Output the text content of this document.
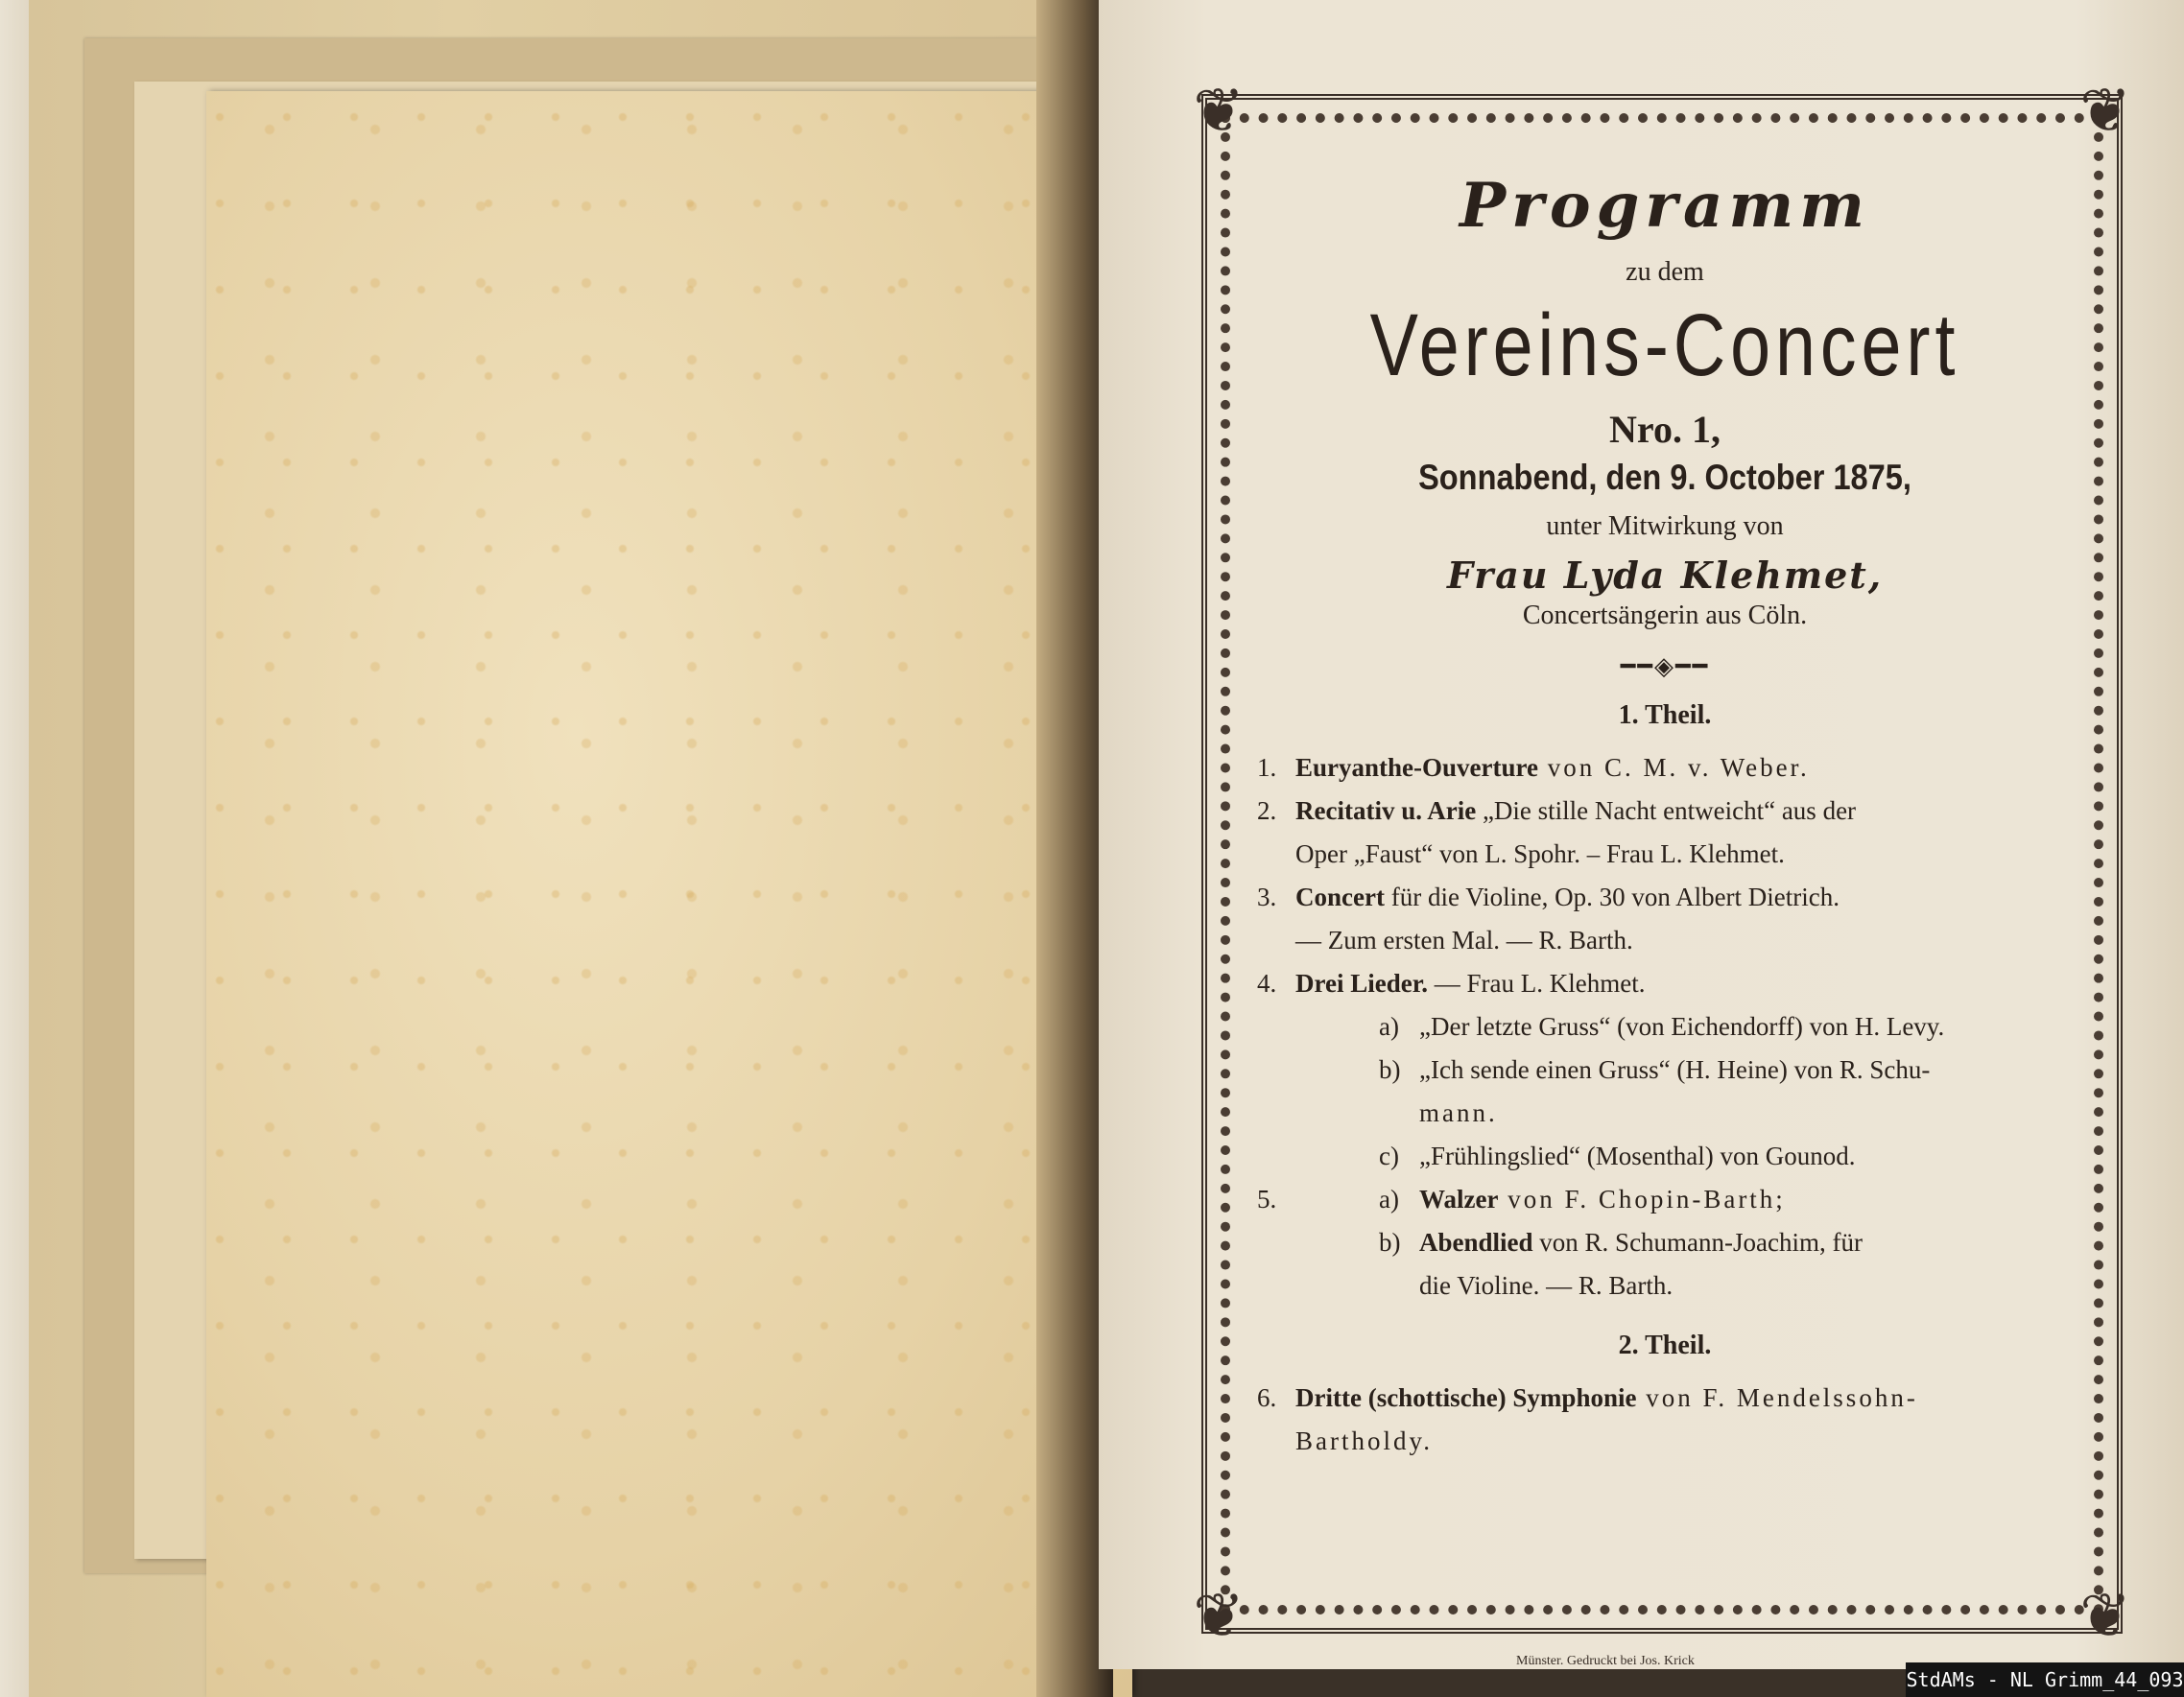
❦	❦
❦	❦
Programm
zu dem
Vereins-Concert
Nro. 1,
Sonnabend, den 9. October 1875,
unter Mitwirkung von
Frau Lyda Klehmet,
Concertsängerin aus Cöln.
━━◈━━
1. Theil.
1. Euryanthe-Ouverture von C. M. v. Weber.
2. Recitativ u. Arie „Die stille Nacht entweicht“ aus der
Oper „Faust“ von L. Spohr. – Frau L. Klehmet.
3. Concert für die Violine, Op. 30 von Albert Dietrich.
— Zum ersten Mal. — R. Barth.
4. Drei Lieder. — Frau L. Klehmet.
a) „Der letzte Gruss“ (von Eichendorff) von H. Levy.
b) „Ich sende einen Gruss“ (H. Heine) von R. Schu-
mann.
c) „Frühlingslied“ (Mosenthal) von Gounod.
5.	a) Walzer von F. Chopin-Barth;
b) Abendlied von R. Schumann-Joachim, für
die Violine. — R. Barth.
2. Theil.
6. Dritte (schottische) Symphonie von F. Mendelssohn-
Bartholdy.
Münster. Gedruckt bei Jos. Krick
StdAMs - NL Grimm_44_093
